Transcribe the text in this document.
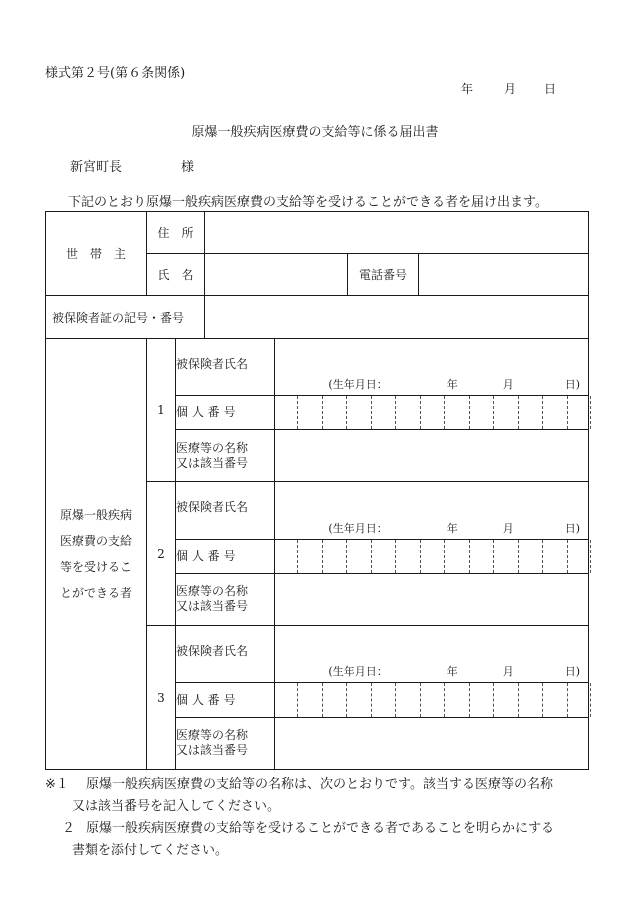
様式第２号(第６条関係)
年	月 日
原爆一般疾病医療費の支給等に係る届出書
新宮町長	様
下記のとおり原爆一般疾病医療費の支給等を受けることができる者を届け出ます。
世　帯　主	住　所					
	氏　名				電話番号	
被保険者証の記号・番号						

原爆一般疾病
医療費の支給
等を受けるこ
とができる者	1	被保険者氏名		(生年月日： 年 月 日)		

		個 人 番 号				

		医療等の名称
又は該当番号				

	2	被保険者氏名		(生年月日： 年 月 日)		

		個 人 番 号				

		医療等の名称
又は該当番号				

	3	被保険者氏名		(生年月日： 年 月 日)		

		個 人 番 号				

		医療等の名称
又は該当番号				

※１ 原爆一般疾病医療費の支給等の名称は、次のとおりです。該当する医療等の名称
又は該当番号を記入してください。
２ 原爆一般疾病医療費の支給等を受けることができる者であることを明らかにする
書類を添付してください。
